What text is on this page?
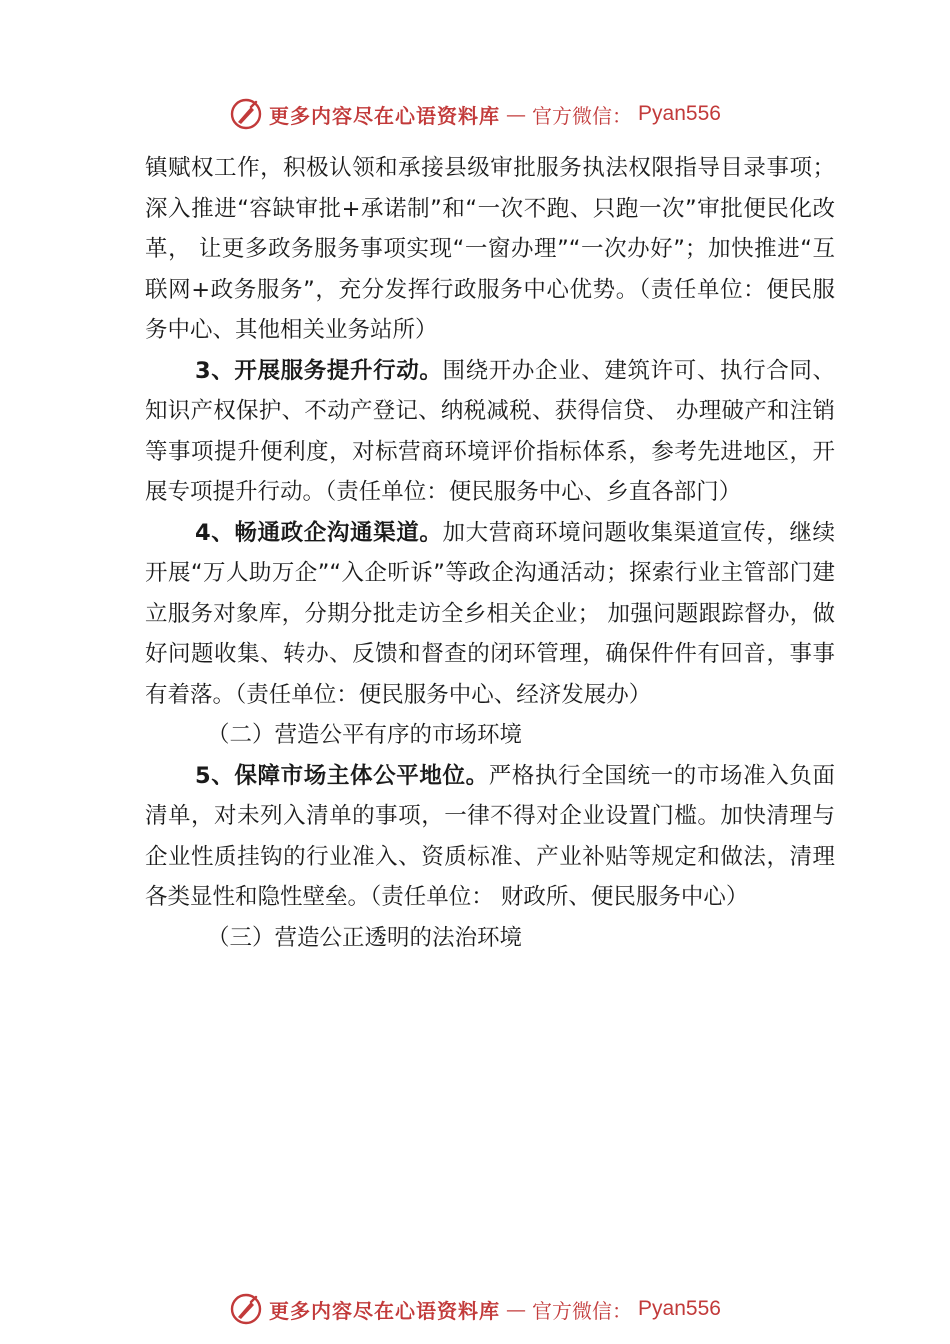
更多内容尽在心语资料库 — 官方微信： Pyan556

镇赋权工作，积极认领和承接县级审批服务执法权限指导目录事项；深入推进“容缺审批+承诺制”和“一次不跑、只跑一次”审批便民化改革， 让更多政务服务事项实现“一窗办理”“一次办好”；加快推进“互联网+政务服务”，充分发挥行政服务中心优势。（责任单位：便民服务中心、其他相关业务站所）

3、开展服务提升行动。围绕开办企业、建筑许可、执行合同、知识产权保护、不动产登记、纳税减税、获得信贷、 办理破产和注销等事项提升便利度，对标营商环境评价指标体系，参考先进地区，开展专项提升行动。（责任单位：便民服务中心、乡直各部门）

4、畅通政企沟通渠道。加大营商环境问题收集渠道宣传，继续开展“万人助万企”“入企听诉”等政企沟通活动；探索行业主管部门建立服务对象库，分期分批走访全乡相关企业； 加强问题跟踪督办，做好问题收集、转办、反馈和督查的闭环管理，确保件件有回音，事事有着落。（责任单位：便民服务中心、经济发展办）

（二）营造公平有序的市场环境

5、保障市场主体公平地位。严格执行全国统一的市场准入负面清单，对未列入清单的事项，一律不得对企业设置门槛。加快清理与企业性质挂钩的行业准入、资质标准、产业补贴等规定和做法，清理各类显性和隐性壁垒。（责任单位： 财政所、便民服务中心）

（三）营造公正透明的法治环境

更多内容尽在心语资料库 — 官方微信： Pyan556
